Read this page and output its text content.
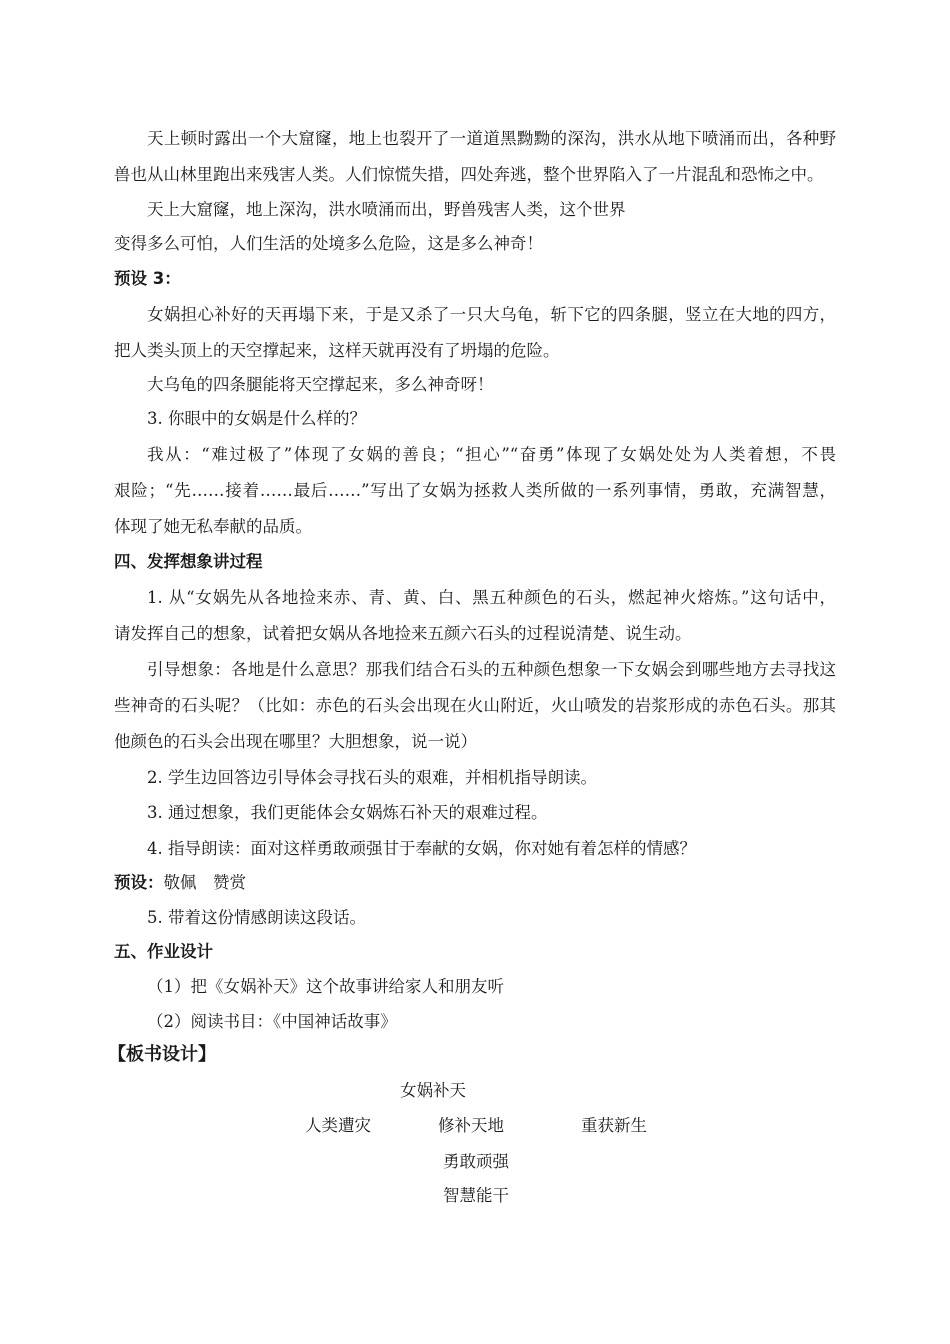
天上顿时露出一个大窟窿，地上也裂开了一道道黑黝黝的深沟，洪水从地下喷涌而出，各种野
兽也从山林里跑出来残害人类。人们惊慌失措，四处奔逃，整个世界陷入了一片混乱和恐怖之中。
天上大窟窿，地上深沟，洪水喷涌而出，野兽残害人类，这个世界
变得多么可怕，人们生活的处境多么危险，这是多么神奇！
预设 3：
女娲担心补好的天再塌下来，于是又杀了一只大乌龟，斩下它的四条腿，竖立在大地的四方，
把人类头顶上的天空撑起来，这样天就再没有了坍塌的危险。
大乌龟的四条腿能将天空撑起来，多么神奇呀！
3. 你眼中的女娲是什么样的？
我从：“难过极了”体现了女娲的善良；“担心”“奋勇”体现了女娲处处为人类着想，不畏
艰险；“先……接着……最后……”写出了女娲为拯救人类所做的一系列事情，勇敢，充满智慧，
体现了她无私奉献的品质。
四、发挥想象讲过程
1. 从“女娲先从各地捡来赤、青、黄、白、黑五种颜色的石头，燃起神火熔炼。”这句话中，
请发挥自己的想象，试着把女娲从各地捡来五颜六石头的过程说清楚、说生动。
引导想象：各地是什么意思？那我们结合石头的五种颜色想象一下女娲会到哪些地方去寻找这
些神奇的石头呢？（比如：赤色的石头会出现在火山附近，火山喷发的岩浆形成的赤色石头。那其
他颜色的石头会出现在哪里？大胆想象，说一说）
2. 学生边回答边引导体会寻找石头的艰难，并相机指导朗读。
3. 通过想象，我们更能体会女娲炼石补天的艰难过程。
4. 指导朗读：面对这样勇敢顽强甘于奉献的女娲，你对她有着怎样的情感？
预设：敬佩　赞赏
5. 带着这份情感朗读这段话。
五、作业设计
（1）把《女娲补天》这个故事讲给家人和朋友听
（2）阅读书目：《中国神话故事》
【板书设计】
女娲补天
人类遭灾	修补天地	重获新生
勇敢顽强
智慧能干
